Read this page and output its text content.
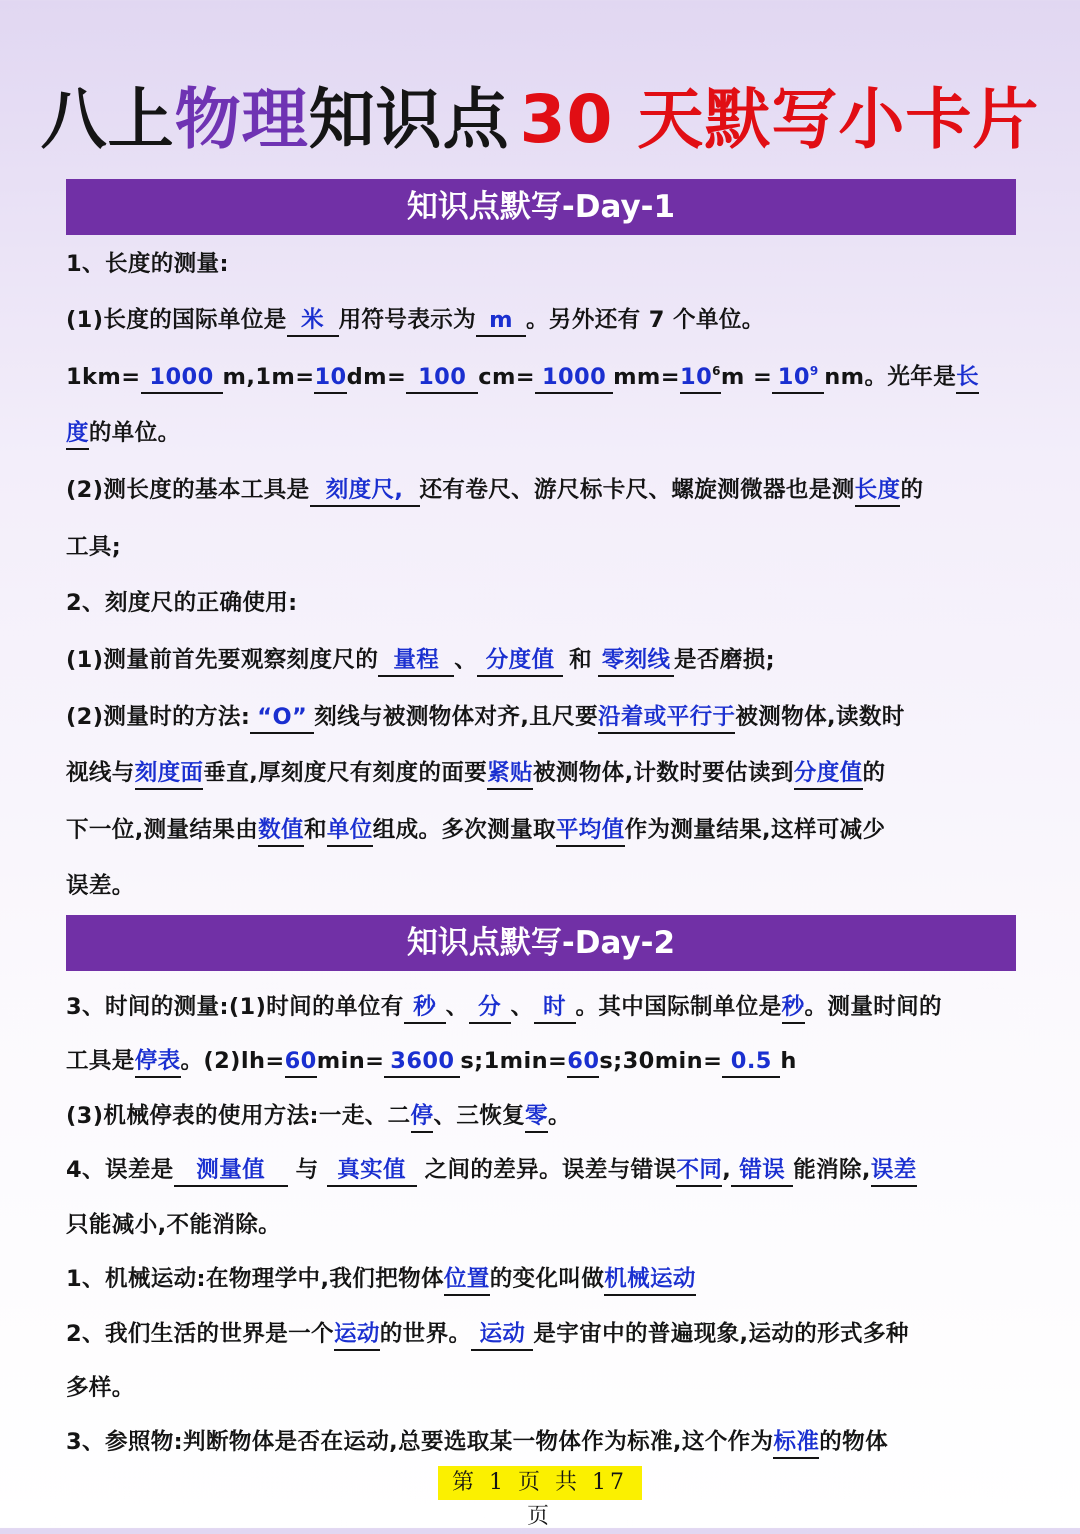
八上物理知识点 30 天默写小卡片
知识点默写-Day-1
1、长度的测量:
(1)长度的国际单位是 米 用符号表示为 m 。另外还有 7 个单位。
1km= 1000 m,1m=10dm= 100 cm= 1000 $mm=10^6m = 10^9$ nm。光年是长
度的单位。
(2)测长度的基本工具是 刻度尺, 还有卷尺、游尺标卡尺、螺旋测微器也是测长度的
工具;
2、刻度尺的正确使用:
(1)测量前首先要观察刻度尺的 量程 、 分度值 和 零刻线 是否磨损;
(2)测量时的方法: “O” 刻线与被测物体对齐,且尺要沿着或平行于被测物体,读数时
视线与刻度面垂直,厚刻度尺有刻度的面要紧贴被测物体,计数时要估读到分度值的
下一位,测量结果由数值和单位组成。多次测量取平均值作为测量结果,这样可减少
误差。
知识点默写-Day-2
3、时间的测量:(1)时间的单位有 秒 、 分 、 时 。其中国际制单位是秒。测量时间的
工具是停表。(2)lh=60min= 3600 s;1min=60s;30min= 0.5 h
(3)机械停表的使用方法:一走、二停、三恢复零。
4、误差是 测量值 与 真实值 之间的差异。误差与错误不同, 错误 能消除,误差
只能减小,不能消除。
1、机械运动:在物理学中,我们把物体位置的变化叫做机械运动
2、我们生活的世界是一个运动的世界。 运动 是宇宙中的普遍现象,运动的形式多种
多样。
3、参照物:判断物体是否在运动,总要选取某一物体作为标准,这个作为标准的物体
第 1 页 共 17 页
